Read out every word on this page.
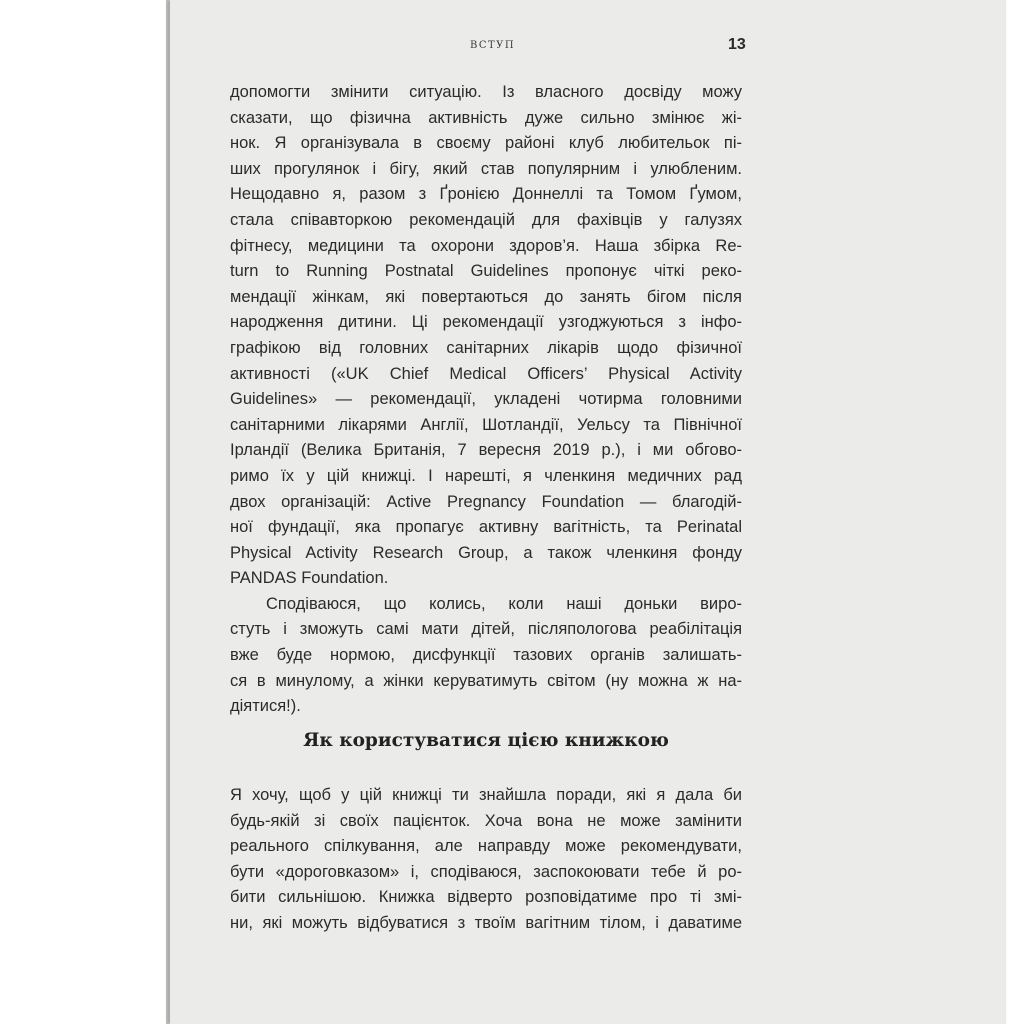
ВСТУП	13

допомогти змінити ситуацію. Із власного досвіду можу
сказати, що фізична активність дуже сильно змінює жі-
нок. Я організувала в своєму районі клуб любительок пі-
ших прогулянок і бігу, який став популярним і улюбленим.
Нещодавно я, разом з Ґронією Доннеллі та Томом Ґумом,
стала співавторкою рекомендацій для фахівців у галузях
фітнесу, медицини та охорони здоров’я. Наша збірка Re-
turn to Running Postnatal Guidelines пропонує чіткі реко-
мендації жінкам, які повертаються до занять бігом після
народження дитини. Ці рекомендації узгоджуються з інфо-
графікою від головних санітарних лікарів щодо фізичної
активності («UK Chief Medical Officers’ Physical Activity
Guidelines» — рекомендації, укладені чотирма головними
санітарними лікарями Англії, Шотландії, Уельсу та Північної
Ірландії (Велика Британія, 7 вересня 2019 р.), і ми обгово-
римо їх у цій книжці. І нарешті, я членкиня медичних рад
двох організацій: Active Pregnancy Foundation — благодій-
ної фундації, яка пропагує активну вагітність, та Perinatal
Physical Activity Research Group, а також членкиня фонду
PANDAS Foundation.

Сподіваюся, що колись, коли наші доньки виро-
стуть і зможуть самі мати дітей, післяпологова реабілітація
вже буде нормою, дисфункції тазових органів залишать-
ся в минулому, а жінки керуватимуть світом (ну можна ж на-
діятися!).

Як користуватися цією книжкою

Я хочу, щоб у цій книжці ти знайшла поради, які я дала би
будь-якій зі своїх пацієнток. Хоча вона не може замінити
реального спілкування, але направду може рекомендувати,
бути «дороговказом» і, сподіваюся, заспокоювати тебе й ро-
бити сильнішою. Книжка відверто розповідатиме про ті змі-
ни, які можуть відбуватися з твоїм вагітним тілом, і даватиме
